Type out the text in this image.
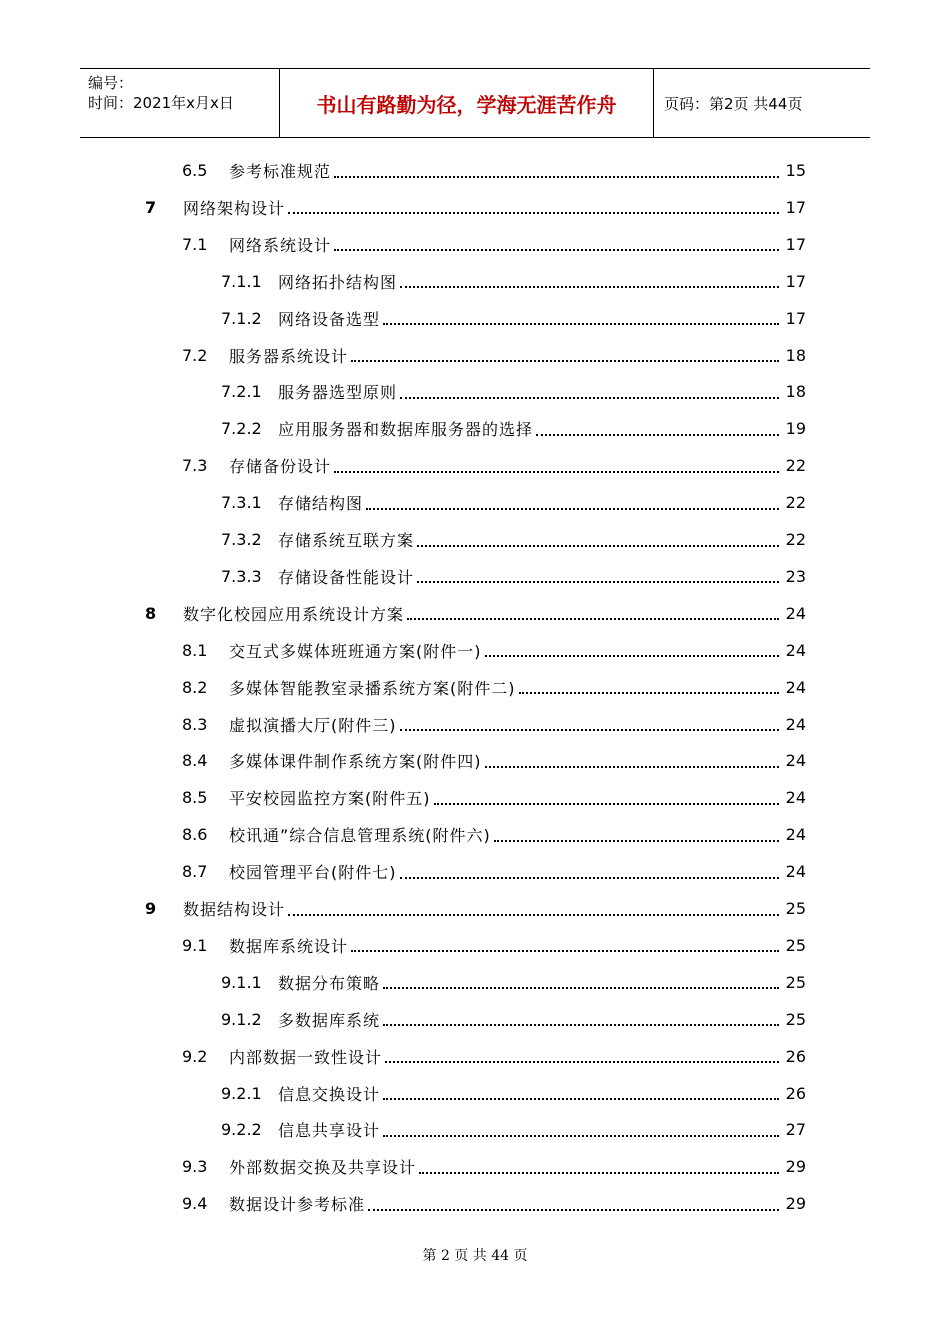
编号：
时间：2021年x月x日	书山有路勤为径，学海无涯苦作舟	页码：第2页 共44页
6.5	参考标准规范	15
7	网络架构设计	17
7.1	网络系统设计	17
7.1.1	网络拓扑结构图	17
7.1.2	网络设备选型	17
7.2	服务器系统设计	18
7.2.1	服务器选型原则	18
7.2.2	应用服务器和数据库服务器的选择	19
7.3	存储备份设计	22
7.3.1	存储结构图	22
7.3.2	存储系统互联方案	22
7.3.3	存储设备性能设计	23
8	数字化校园应用系统设计方案	24
8.1	交互式多媒体班班通方案(附件一)	24
8.2	多媒体智能教室录播系统方案(附件二)	24
8.3	虚拟演播大厅(附件三)	24
8.4	多媒体课件制作系统方案(附件四)	24
8.5	平安校园监控方案(附件五)	24
8.6	校讯通”综合信息管理系统(附件六)	24
8.7	校园管理平台(附件七)	24
9	数据结构设计	25
9.1	数据库系统设计	25
9.1.1	数据分布策略	25
9.1.2	多数据库系统	25
9.2	内部数据一致性设计	26
9.2.1	信息交换设计	26
9.2.2	信息共享设计	27
9.3	外部数据交换及共享设计	29
9.4	数据设计参考标准	29
第 2 页 共 44 页
